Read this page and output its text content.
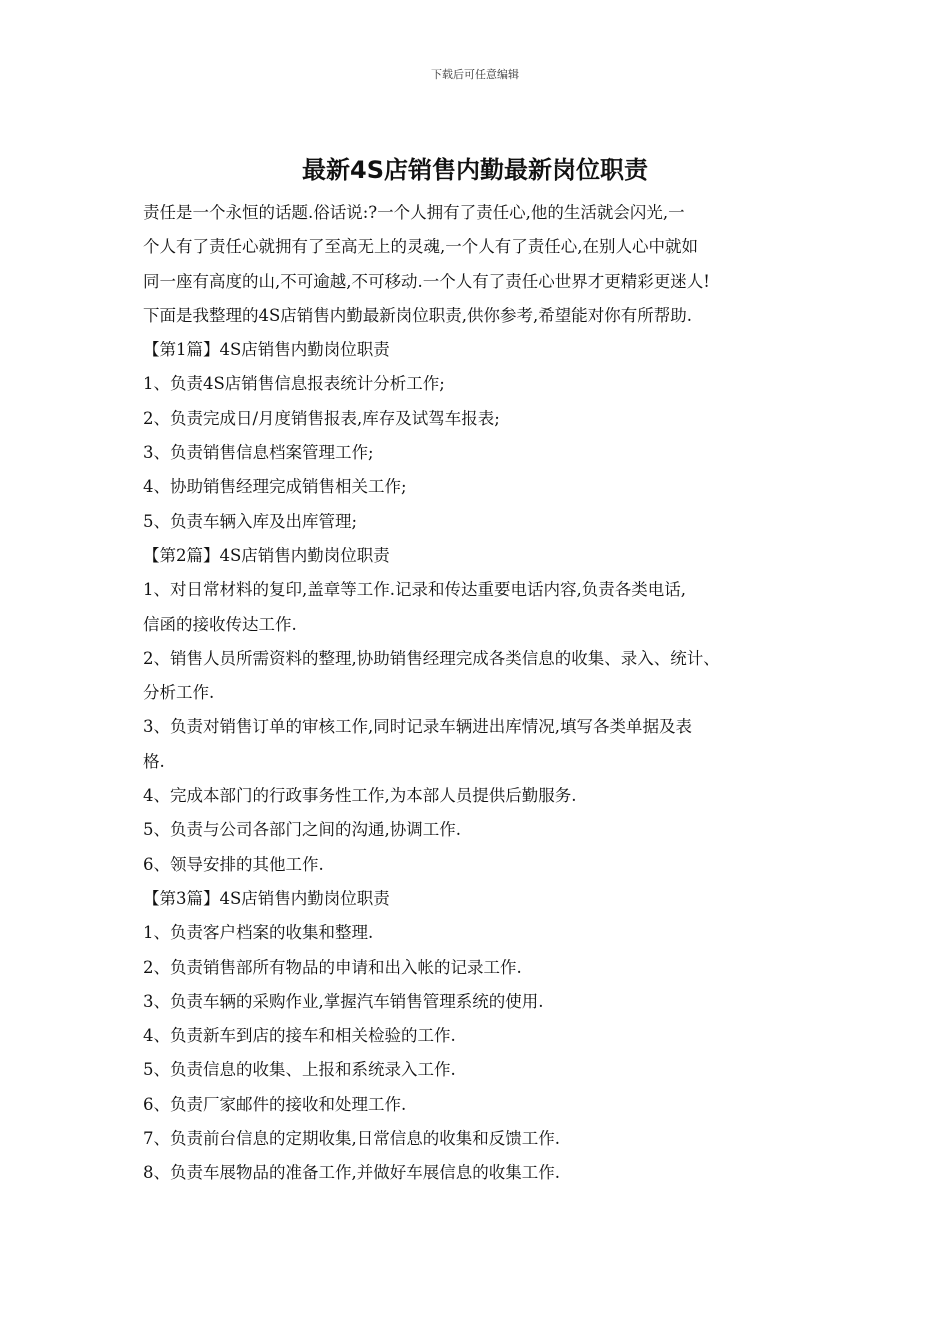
下载后可任意编辑
最新4S店销售内勤最新岗位职责
责任是一个永恒的话题.俗话说:?一个人拥有了责任心,他的生活就会闪光,一
个人有了责任心就拥有了至高无上的灵魂,一个人有了责任心,在别人心中就如
同一座有高度的山,不可逾越,不可移动.一个人有了责任心世界才更精彩更迷人!
下面是我整理的4S店销售内勤最新岗位职责,供你参考,希望能对你有所帮助.
【第1篇】4S店销售内勤岗位职责
1、负责4S店销售信息报表统计分析工作;
2、负责完成日/月度销售报表,库存及试驾车报表;
3、负责销售信息档案管理工作;
4、协助销售经理完成销售相关工作;
5、负责车辆入库及出库管理;
【第2篇】4S店销售内勤岗位职责
1、对日常材料的复印,盖章等工作.记录和传达重要电话内容,负责各类电话,
信函的接收传达工作.
2、销售人员所需资料的整理,协助销售经理完成各类信息的收集、录入、统计、
分析工作.
3、负责对销售订单的审核工作,同时记录车辆进出库情况,填写各类单据及表
格.
4、完成本部门的行政事务性工作,为本部人员提供后勤服务.
5、负责与公司各部门之间的沟通,协调工作.
6、领导安排的其他工作.
【第3篇】4S店销售内勤岗位职责
1、负责客户档案的收集和整理.
2、负责销售部所有物品的申请和出入帐的记录工作.
3、负责车辆的采购作业,掌握汽车销售管理系统的使用.
4、负责新车到店的接车和相关检验的工作.
5、负责信息的收集、上报和系统录入工作.
6、负责厂家邮件的接收和处理工作.
7、负责前台信息的定期收集,日常信息的收集和反馈工作.
8、负责车展物品的准备工作,并做好车展信息的收集工作.
